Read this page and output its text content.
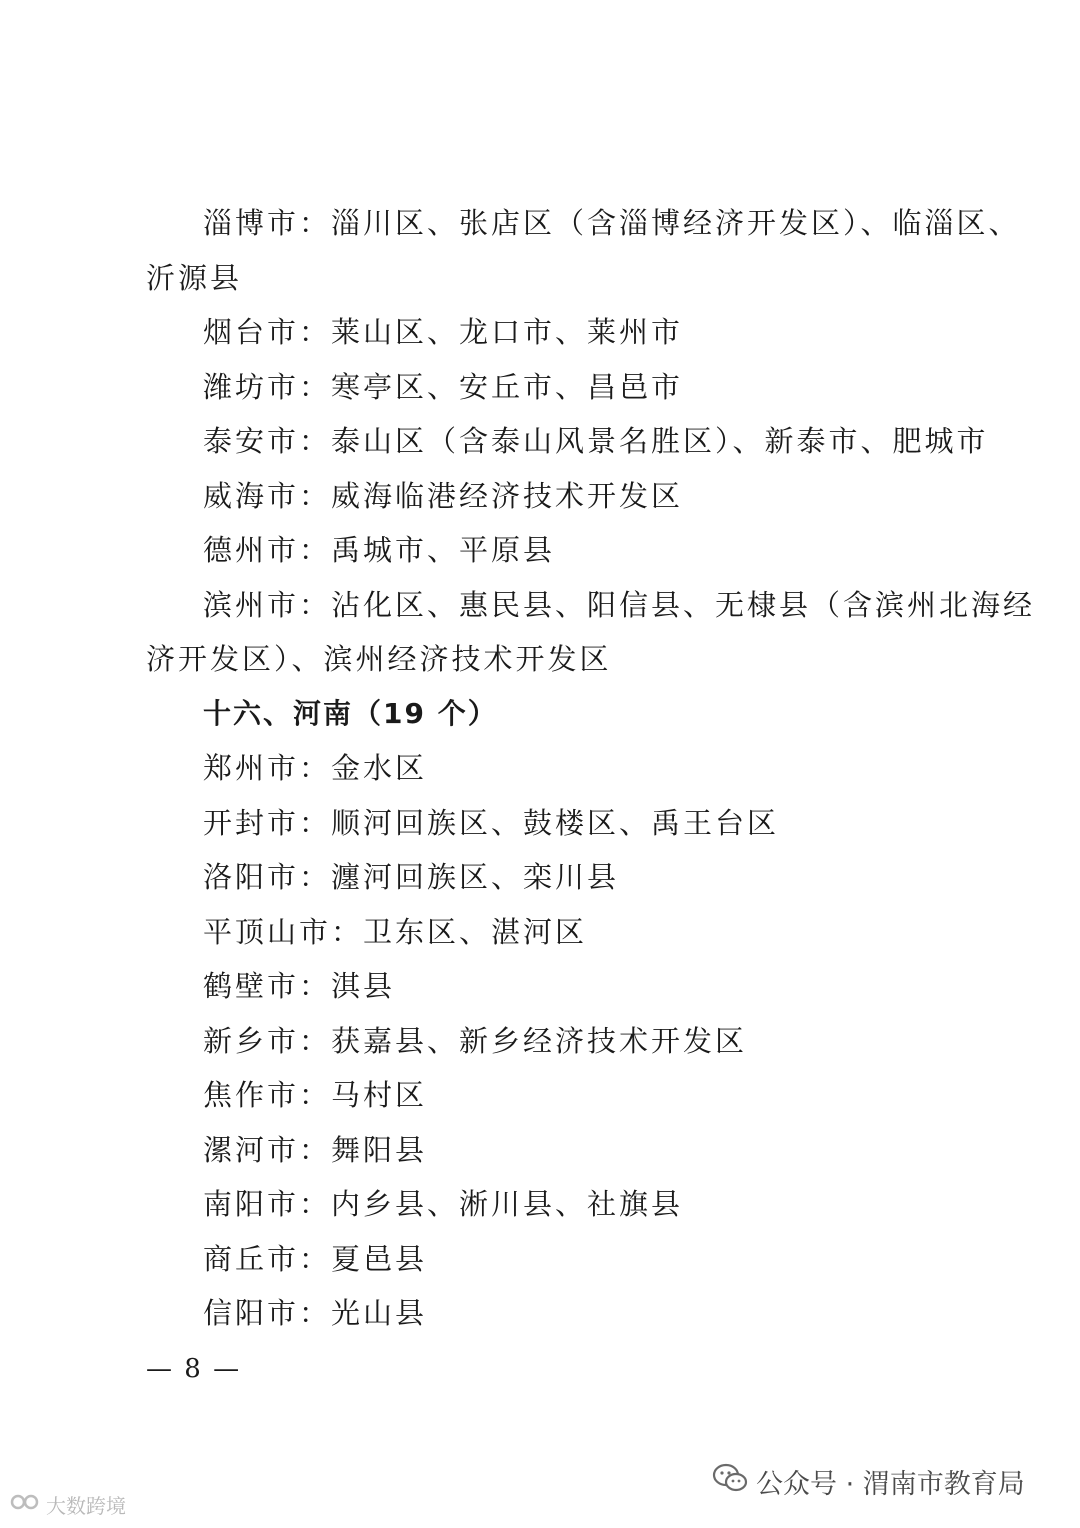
淄博市：淄川区、张店区（含淄博经济开发区）、临淄区、
沂源县
烟台市：莱山区、龙口市、莱州市
潍坊市：寒亭区、安丘市、昌邑市
泰安市：泰山区（含泰山风景名胜区）、新泰市、肥城市
威海市：威海临港经济技术开发区
德州市：禹城市、平原县
滨州市：沾化区、惠民县、阳信县、无棣县（含滨州北海经
济开发区）、滨州经济技术开发区
十六、河南（19 个）
郑州市：金水区
开封市：顺河回族区、鼓楼区、禹王台区
洛阳市：瀍河回族区、栾川县
平顶山市：卫东区、湛河区
鹤壁市：淇县
新乡市：获嘉县、新乡经济技术开发区
焦作市：马村区
漯河市：舞阳县
南阳市：内乡县、淅川县、社旗县
商丘市：夏邑县
信阳市：光山县
— 8 —
大数跨境
公众号 · 渭南市教育局
